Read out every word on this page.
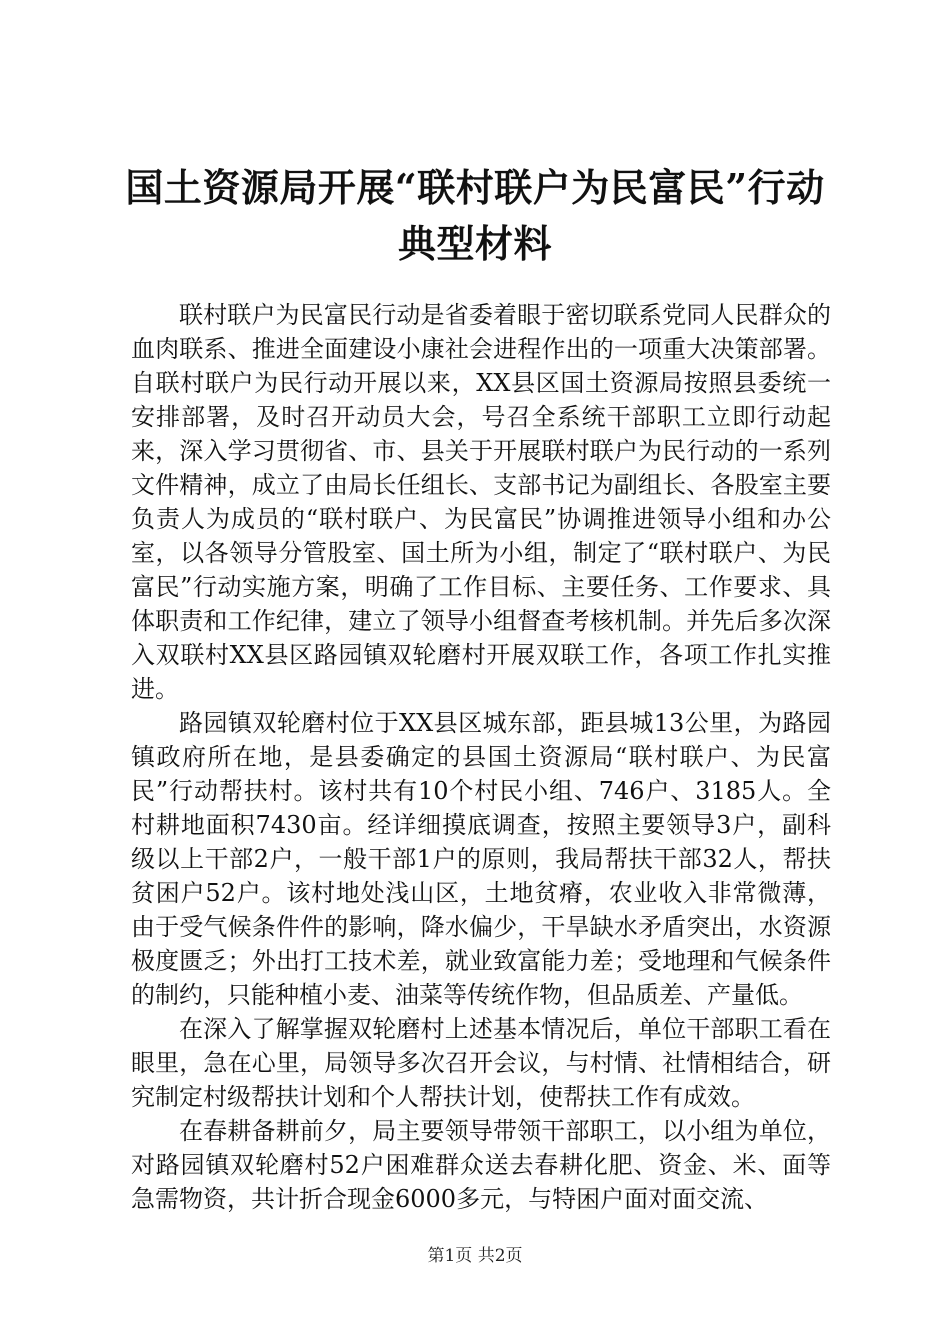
国土资源局开展“联村联户为民富民”行动典型材料

联村联户为民富民行动是省委着眼于密切联系党同人民群众的血肉联系、推进全面建设小康社会进程作出的一项重大决策部署。自联村联户为民行动开展以来，XX县区国土资源局按照县委统一安排部署，及时召开动员大会，号召全系统干部职工立即行动起来，深入学习贯彻省、市、县关于开展联村联户为民行动的一系列文件精神，成立了由局长任组长、支部书记为副组长、各股室主要负责人为成员的“联村联户、为民富民”协调推进领导小组和办公室，以各领导分管股室、国土所为小组，制定了“联村联户、为民富民”行动实施方案，明确了工作目标、主要任务、工作要求、具体职责和工作纪律，建立了领导小组督查考核机制。并先后多次深入双联村XX县区路园镇双轮磨村开展双联工作，各项工作扎实推进。

路园镇双轮磨村位于XX县区城东部，距县城13公里，为路园镇政府所在地，是县委确定的县国土资源局“联村联户、为民富民”行动帮扶村。该村共有10个村民小组、746户、3185人。全村耕地面积7430亩。经详细摸底调查，按照主要领导3户，副科级以上干部2户，一般干部1户的原则，我局帮扶干部32人，帮扶贫困户52户。该村地处浅山区，土地贫瘠，农业收入非常微薄，由于受气候条件件的影响，降水偏少，干旱缺水矛盾突出，水资源极度匮乏；外出打工技术差，就业致富能力差；受地理和气候条件的制约，只能种植小麦、油菜等传统作物，但品质差、产量低。

在深入了解掌握双轮磨村上述基本情况后，单位干部职工看在眼里，急在心里，局领导多次召开会议，与村情、社情相结合，研究制定村级帮扶计划和个人帮扶计划，使帮扶工作有成效。

在春耕备耕前夕，局主要领导带领干部职工，以小组为单位，对路园镇双轮磨村52户困难群众送去春耕化肥、资金、米、面等急需物资，共计折合现金6000多元，与特困户面对面交流、

第1页 共2页
